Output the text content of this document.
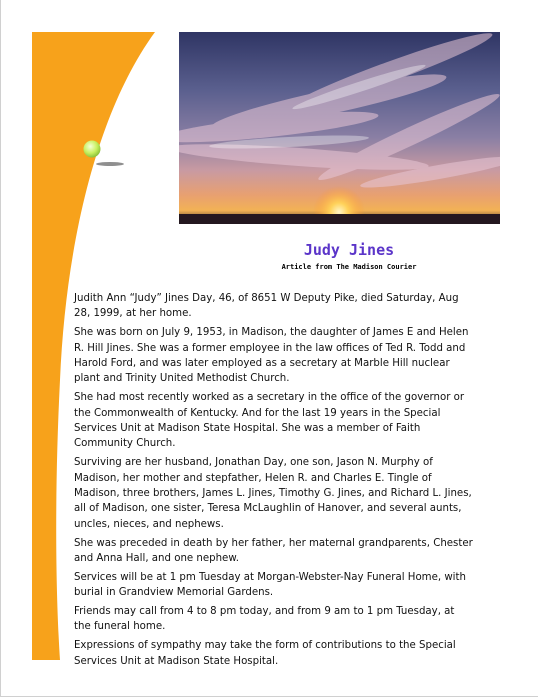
Judy Jines
Article from The Madison Courier

Judith Ann “Judy” Jines Day, 46, of 8651 W Deputy Pike, died Saturday, Aug 28, 1999, at her home.

She was born on July 9, 1953, in Madison, the daughter of James E and Helen R. Hill Jines. She was a former employee in the law offices of Ted R. Todd and Harold Ford, and was later employed as a secretary at Marble Hill nuclear plant and Trinity United Methodist Church.

She had most recently worked as a secretary in the office of the governor or the Commonwealth of Kentucky. And for the last 19 years in the Special Services Unit at Madison State Hospital. She was a member of Faith Community Church.

Surviving are her husband, Jonathan Day, one son, Jason N. Murphy of Madison, her mother and stepfather, Helen R. and Charles E. Tingle of Madison, three brothers, James L. Jines, Timothy G. Jines, and Richard L. Jines, all of Madison, one sister, Teresa McLaughlin of Hanover, and several aunts, uncles, nieces, and nephews.

She was preceded in death by her father, her maternal grandparents, Chester and Anna Hall, and one nephew.

Services will be at 1 pm Tuesday at Morgan-Webster-Nay Funeral Home, with burial in Grandview Memorial Gardens.

Friends may call from 4 to 8 pm today, and from 9 am to 1 pm Tuesday, at the funeral home.

Expressions of sympathy may take the form of contributions to the Special Services Unit at Madison State Hospital.
